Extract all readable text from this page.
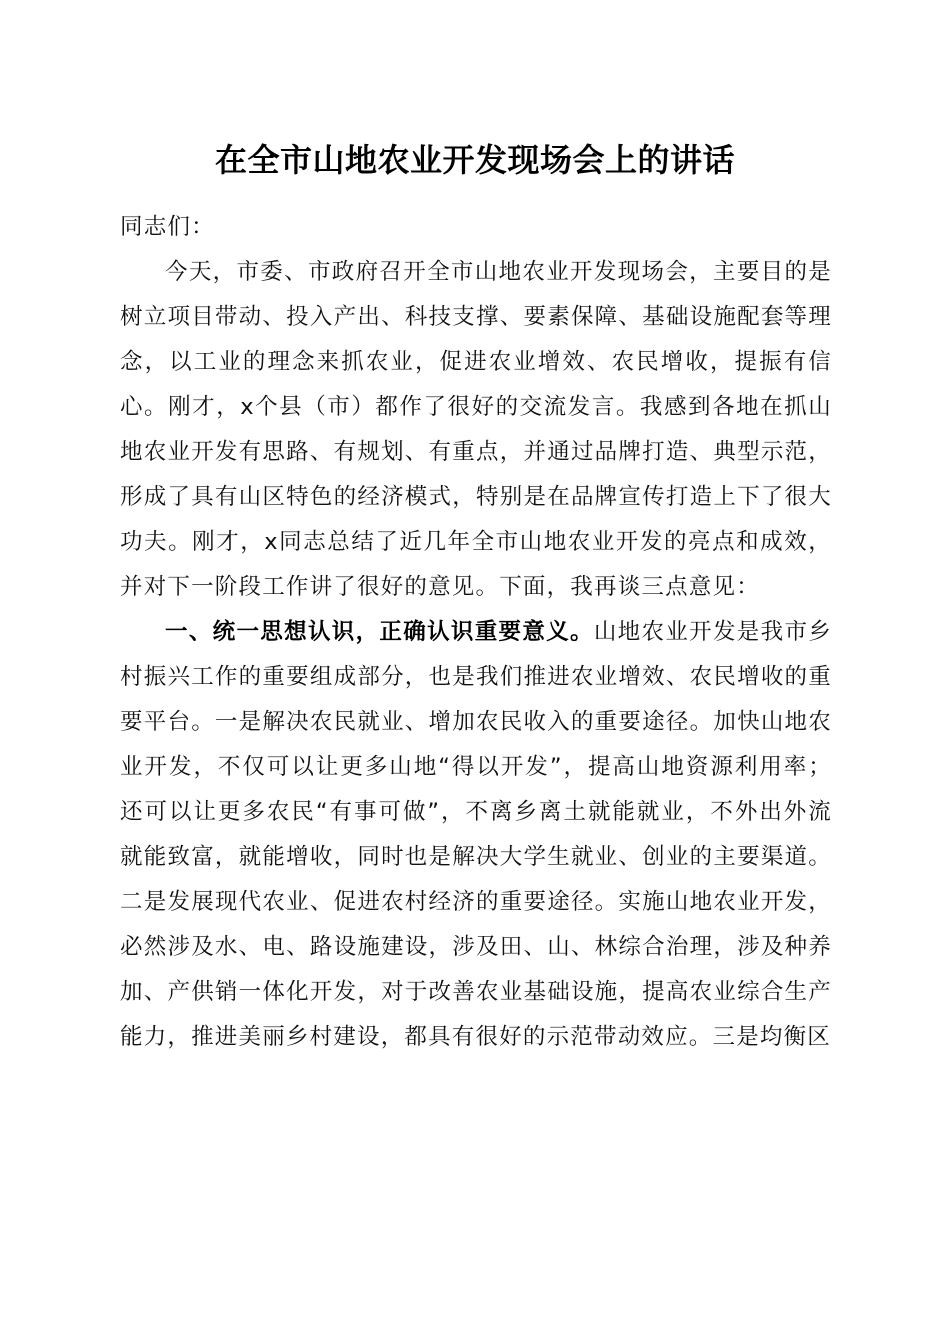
在全市山地农业开发现场会上的讲话

同志们：

今天，市委、市政府召开全市山地农业开发现场会，主要目的是树立项目带动、投入产出、科技支撑、要素保障、基础设施配套等理念，以工业的理念来抓农业，促进农业增效、农民增收，提振有信心。刚才，x个县（市）都作了很好的交流发言。我感到各地在抓山地农业开发有思路、有规划、有重点，并通过品牌打造、典型示范，形成了具有山区特色的经济模式，特别是在品牌宣传打造上下了很大功夫。刚才，x同志总结了近几年全市山地农业开发的亮点和成效，并对下一阶段工作讲了很好的意见。下面，我再谈三点意见：

一、统一思想认识，正确认识重要意义。山地农业开发是我市乡村振兴工作的重要组成部分，也是我们推进农业增效、农民增收的重要平台。一是解决农民就业、增加农民收入的重要途径。加快山地农业开发，不仅可以让更多山地“得以开发”，提高山地资源利用率；还可以让更多农民“有事可做”，不离乡离土就能就业，不外出外流就能致富，就能增收，同时也是解决大学生就业、创业的主要渠道。二是发展现代农业、促进农村经济的重要途径。实施山地农业开发，必然涉及水、电、路设施建设，涉及田、山、林综合治理，涉及种养加、产供销一体化开发，对于改善农业基础设施，提高农业综合生产能力，推进美丽乡村建设，都具有很好的示范带动效应。三是均衡区
